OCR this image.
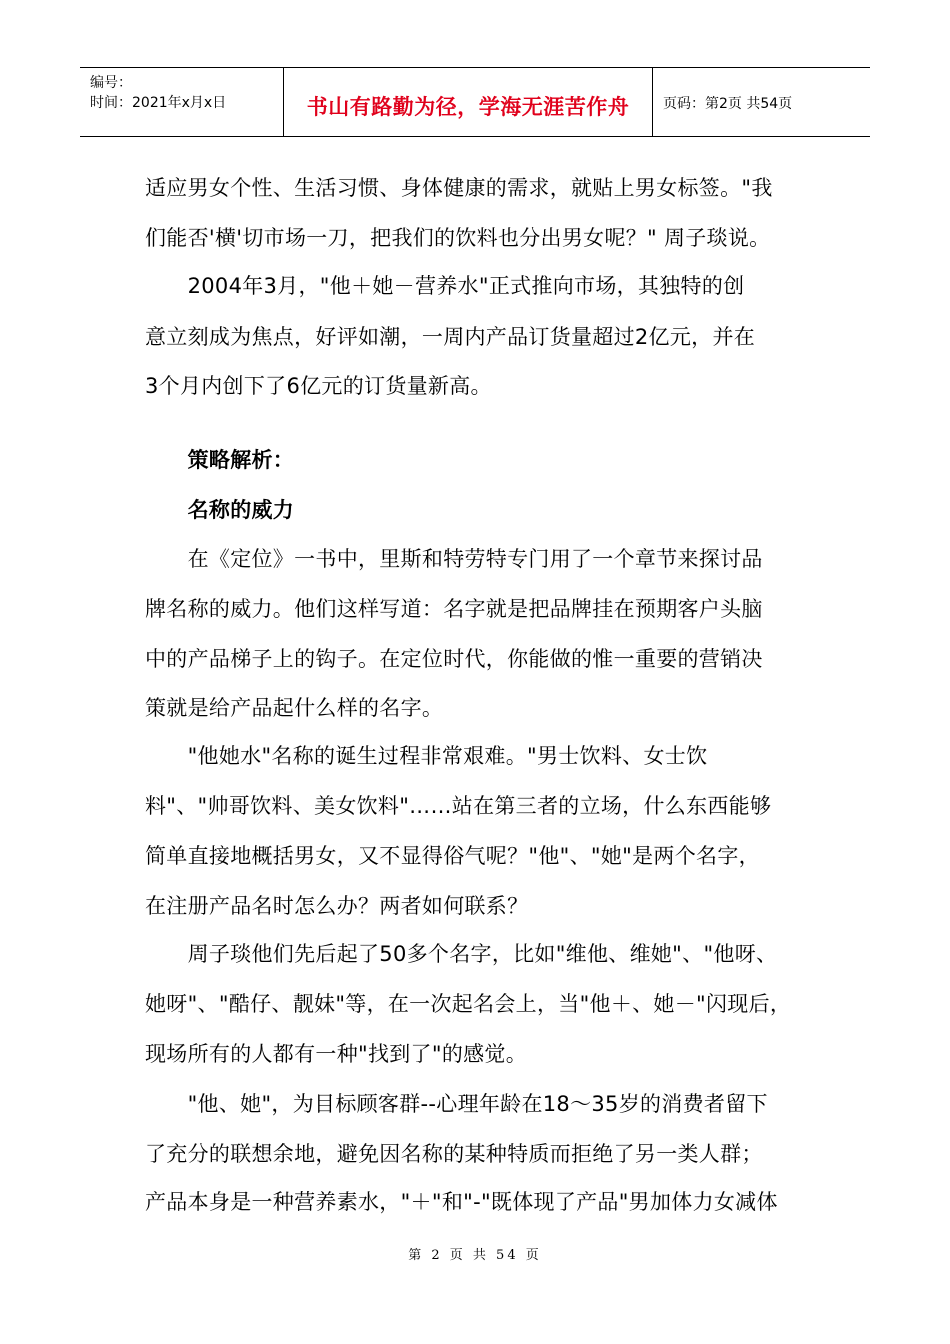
编号：
时间：2021年x月x日	书山有路勤为径，学海无涯苦作舟	页码：第2页 共54页
适应男女个性、生活习惯、身体健康的需求，就贴上男女标签。"我
们能否'横'切市场一刀，把我们的饮料也分出男女呢？" 周子琰说。
　　2004年3月，"他＋她－营养水"正式推向市场，其独特的创
意立刻成为焦点，好评如潮，一周内产品订货量超过2亿元，并在
3个月内创下了6亿元的订货量新高。
　　策略解析：
　　名称的威力
　　在《定位》一书中，里斯和特劳特专门用了一个章节来探讨品
牌名称的威力。他们这样写道：名字就是把品牌挂在预期客户头脑
中的产品梯子上的钩子。在定位时代，你能做的惟一重要的营销决
策就是给产品起什么样的名字。
　　"他她水"名称的诞生过程非常艰难。"男士饮料、女士饮
料"、"帅哥饮料、美女饮料"……站在第三者的立场，什么东西能够
简单直接地概括男女，又不显得俗气呢？"他"、"她"是两个名字，
在注册产品名时怎么办？两者如何联系？
　　周子琰他们先后起了50多个名字，比如"维他、维她"、"他呀、
她呀"、"酷仔、靓妹"等，在一次起名会上，当"他＋、她－"闪现后，
现场所有的人都有一种"找到了"的感觉。
　　"他、她"，为目标顾客群--心理年龄在18～35岁的消费者留下
了充分的联想余地，避免因名称的某种特质而拒绝了另一类人群；
产品本身是一种营养素水，"＋"和"-"既体现了产品"男加体力女减体
第 2 页 共 54 页
